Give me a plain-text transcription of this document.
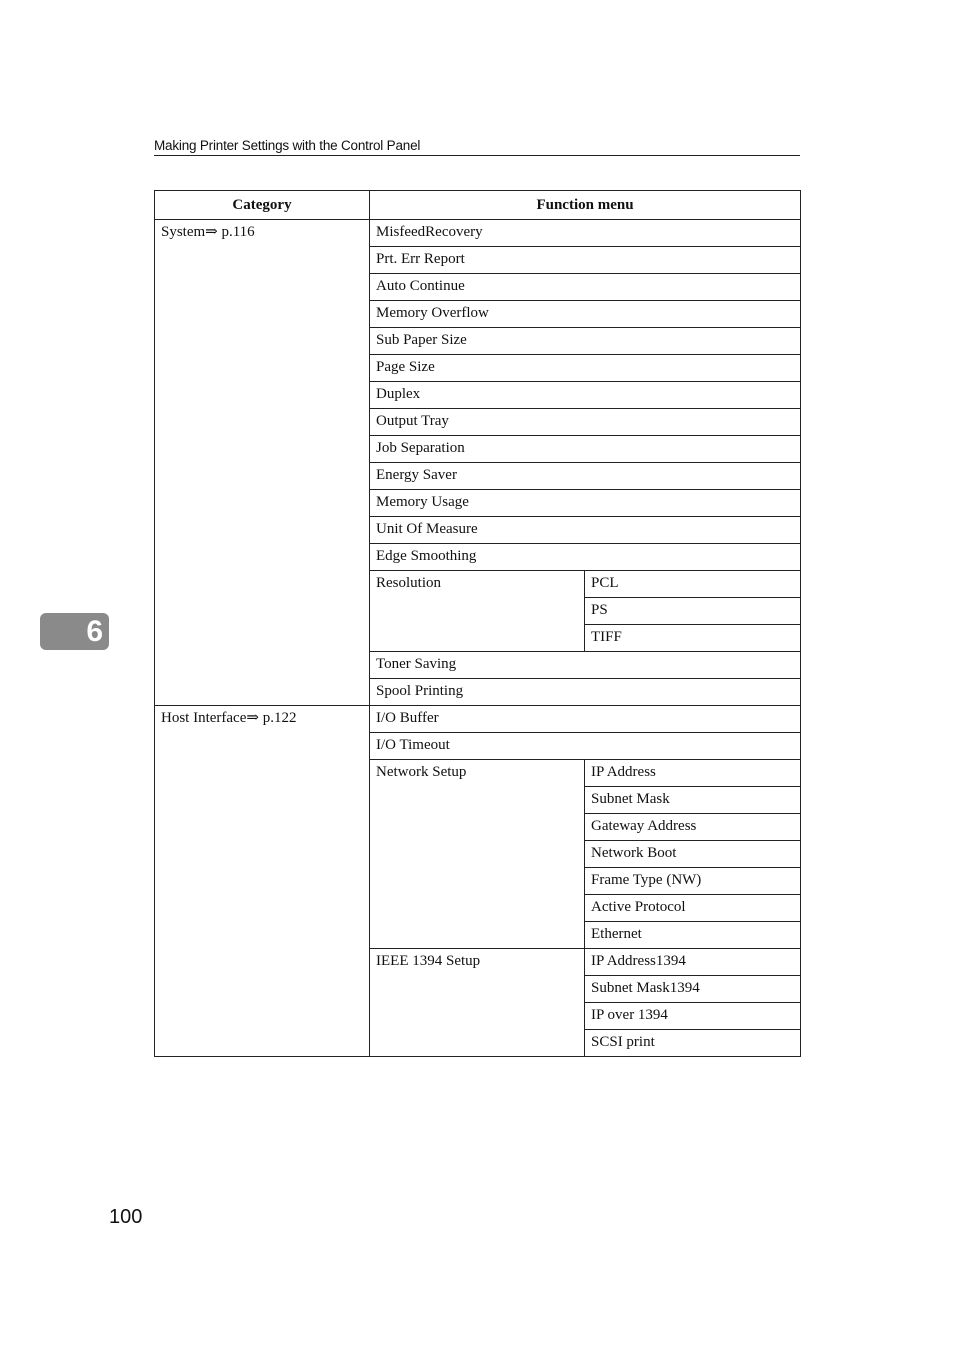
Making Printer Settings with the Control Panel
6
Category	Function menu	
System⇒ p.116	MisfeedRecovery	
	Prt. Err Report	
	Auto Continue	
	Memory Overflow	
	Sub Paper Size	
	Page Size	
	Duplex	
	Output Tray	
	Job Separation	
	Energy Saver	
	Memory Usage	
	Unit Of Measure	
	Edge Smoothing	
	Resolution	PCL
		PS
		TIFF
	Toner Saving	
	Spool Printing	
Host Interface⇒ p.122	I/O Buffer	
	I/O Timeout	
	Network Setup	IP Address
		Subnet Mask
		Gateway Address
		Network Boot
		Frame Type (NW)
		Active Protocol
		Ethernet
	IEEE 1394 Setup	IP Address1394
		Subnet Mask1394
		IP over 1394
		SCSI print
100
